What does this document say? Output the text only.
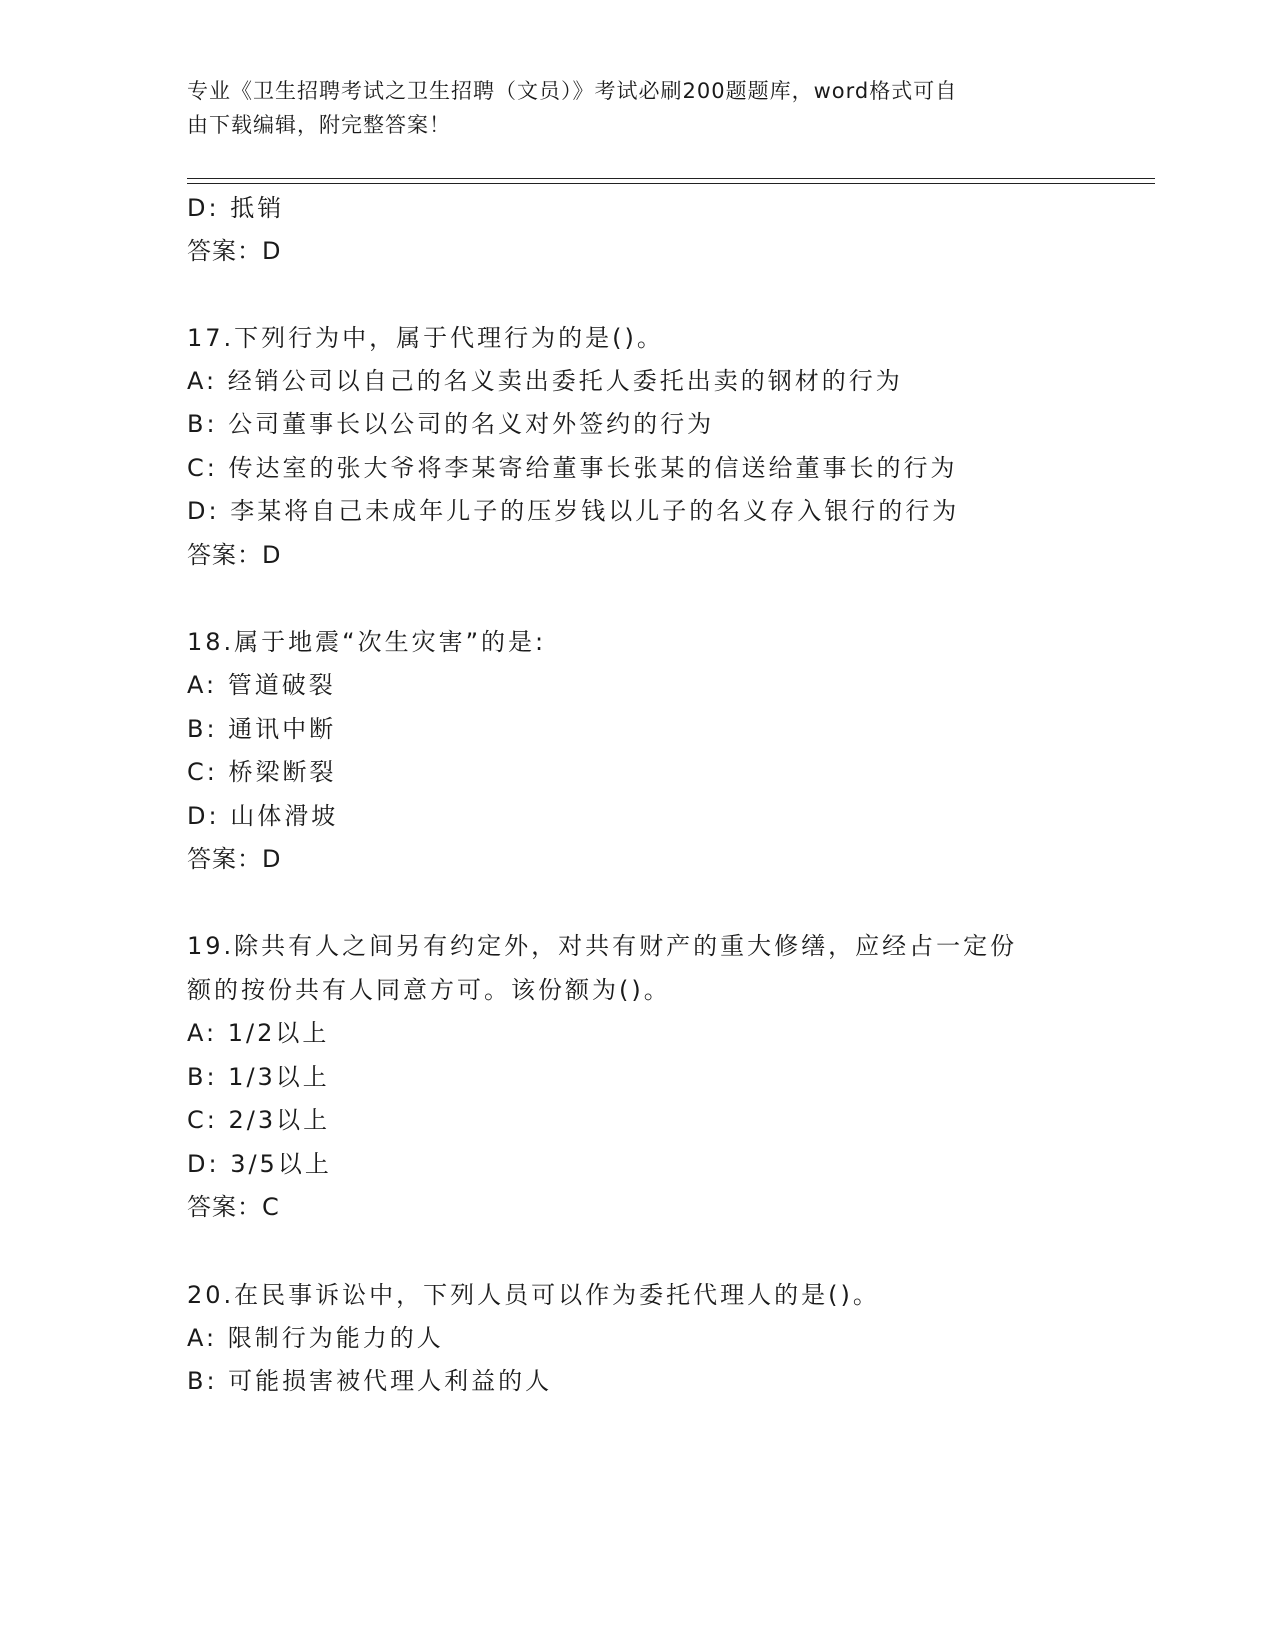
专业《卫生招聘考试之卫生招聘（文员）》考试必刷200题题库，word格式可自
由下载编辑，附完整答案！
D: 抵销
答案：D
17.下列行为中，属于代理行为的是()。
A: 经销公司以自己的名义卖出委托人委托出卖的钢材的行为
B: 公司董事长以公司的名义对外签约的行为
C: 传达室的张大爷将李某寄给董事长张某的信送给董事长的行为
D: 李某将自己未成年儿子的压岁钱以儿子的名义存入银行的行为
答案：D
18.属于地震“次生灾害”的是:
A: 管道破裂
B: 通讯中断
C: 桥梁断裂
D: 山体滑坡
答案：D
19.除共有人之间另有约定外，对共有财产的重大修缮，应经占一定份
额的按份共有人同意方可。该份额为()。
A: 1/2以上
B: 1/3以上
C: 2/3以上
D: 3/5以上
答案：C
20.在民事诉讼中，下列人员可以作为委托代理人的是()。
A: 限制行为能力的人
B: 可能损害被代理人利益的人
